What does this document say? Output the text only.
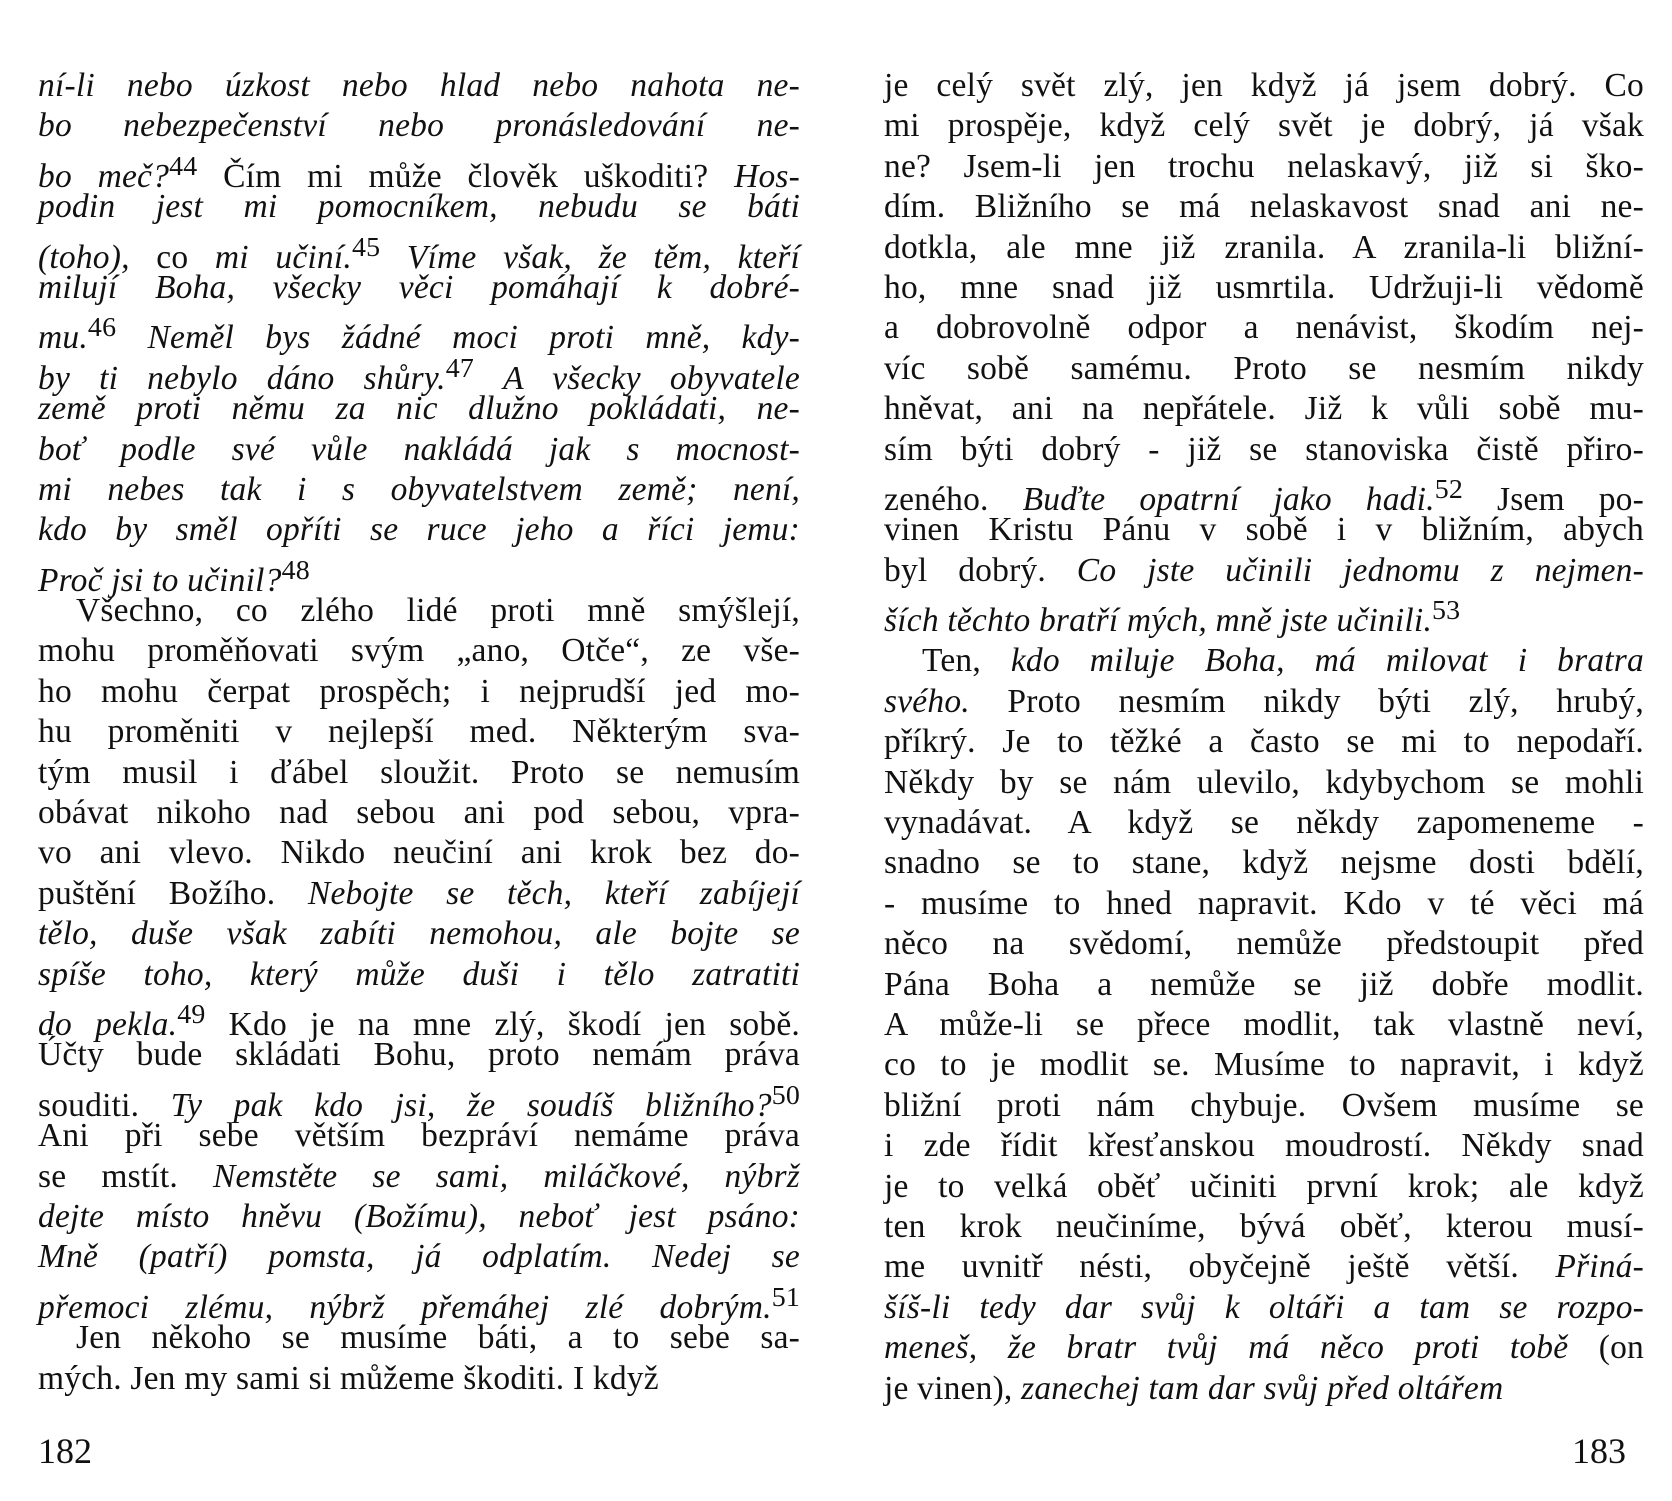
ní-li nebo úzkost nebo hlad nebo nahota ne-
bo nebezpečenství nebo pronásledování ne-
bo meč?$^{44}$ Čím mi může člověk uškoditi? Hos-
podin jest mi pomocníkem, nebudu se báti
(toho), co mi učiní.$^{45}$ Víme však, že těm, kteří
milují Boha, všecky věci pomáhají k dobré-
mu.$^{46}$ Neměl bys žádné moci proti mně, kdy-
by ti nebylo dáno shůry.$^{47}$ A všecky obyvatele
země proti němu za nic dlužno pokládati, ne-
boť podle své vůle nakládá jak s mocnost-
mi nebes tak i s obyvatelstvem země; není,
kdo by směl opříti se ruce jeho a říci jemu:
Proč jsi to učinil?$^{48}$
Všechno, co zlého lidé proti mně smýšlejí,
mohu proměňovati svým „ano, Otče“, ze vše-
ho mohu čerpat prospěch; i nejprudší jed mo-
hu proměniti v nejlepší med. Některým sva-
tým musil i ďábel sloužit. Proto se nemusím
obávat nikoho nad sebou ani pod sebou, vpra-
vo ani vlevo. Nikdo neučiní ani krok bez do-
puštění Božího. Nebojte se těch, kteří zabíjejí
tělo, duše však zabíti nemohou, ale bojte se
spíše toho, který může duši i tělo zatratiti
do pekla.$^{49}$ Kdo je na mne zlý, škodí jen sobě.
Účty bude skládati Bohu, proto nemám práva
souditi. Ty pak kdo jsi, že soudíš bližního?$^{50}$
Ani při sebe větším bezpráví nemáme práva
se mstít. Nemstěte se sami, miláčkové, nýbrž
dejte místo hněvu (Božímu), neboť jest psáno:
Mně (patří) pomsta, já odplatím. Nedej se
přemoci zlému, nýbrž přemáhej zlé dobrým.$^{51}$
Jen někoho se musíme báti, a to sebe sa-
mých. Jen my sami si můžeme škoditi. I když
182
je celý svět zlý, jen když já jsem dobrý. Co
mi prospěje, když celý svět je dobrý, já však
ne? Jsem-li jen trochu nelaskavý, již si ško-
dím. Bližního se má nelaskavost snad ani ne-
dotkla, ale mne již zranila. A zranila-li bližní-
ho, mne snad již usmrtila. Udržuji-li vědomě
a dobrovolně odpor a nenávist, škodím nej-
víc sobě samému. Proto se nesmím nikdy
hněvat, ani na nepřátele. Již k vůli sobě mu-
sím býti dobrý - již se stanoviska čistě přiro-
zeného. Buďte opatrní jako hadi.$^{52}$ Jsem po-
vinen Kristu Pánu v sobě i v bližním, abych
byl dobrý. Co jste učinili jednomu z nejmen-
ších těchto bratří mých, mně jste učinili.$^{53}$
Ten, kdo miluje Boha, má milovat i bratra
svého. Proto nesmím nikdy býti zlý, hrubý,
příkrý. Je to těžké a často se mi to nepodaří.
Někdy by se nám ulevilo, kdybychom se mohli
vynadávat. A když se někdy zapomeneme -
snadno se to stane, když nejsme dosti bdělí,
- musíme to hned napravit. Kdo v té věci má
něco na svědomí, nemůže předstoupit před
Pána Boha a nemůže se již dobře modlit.
A může-li se přece modlit, tak vlastně neví,
co to je modlit se. Musíme to napravit, i když
bližní proti nám chybuje. Ovšem musíme se
i zde řídit křesťanskou moudrostí. Někdy snad
je to velká oběť učiniti první krok; ale když
ten krok neučiníme, bývá oběť, kterou musí-
me uvnitř nésti, obyčejně ještě větší. Přiná-
šíš-li tedy dar svůj k oltáři a tam se rozpo-
meneš, že bratr tvůj má něco proti tobě (on
je vinen), zanechej tam dar svůj před oltářem
183
